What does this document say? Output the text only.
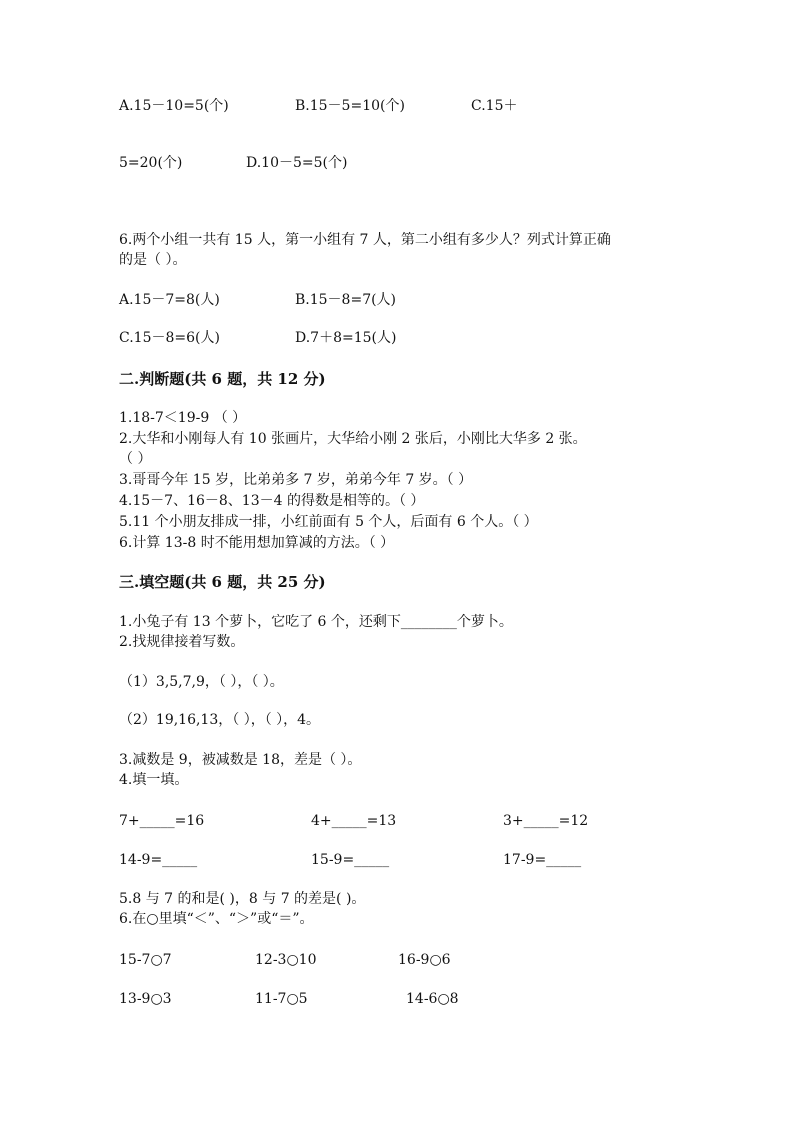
A.15－10=5(个)	B.15－5=10(个)	C.15＋
5=20(个)	D.10－5=5(个)
6.两个小组一共有 15 人，第一小组有 7 人，第二小组有多少人？列式计算正确
的是（ ）。
A.15－7=8(人)	B.15－8=7(人)
C.15－8=6(人)	D.7＋8=15(人)
二.判断题(共 6 题，共 12 分)
1.18-7＜19-9 （ ）
2.大华和小刚每人有 10 张画片，大华给小刚 2 张后，小刚比大华多 2 张。
（ ）
3.哥哥今年 15 岁，比弟弟多 7 岁，弟弟今年 7 岁。（ ）
4.15－7、16－8、13－4 的得数是相等的。（ ）
5.11 个小朋友排成一排，小红前面有 5 个人，后面有 6 个人。（ ）
6.计算 13-8 时不能用想加算减的方法。（ ）
三.填空题(共 6 题，共 25 分)
1.小兔子有 13 个萝卜，它吃了 6 个，还剩下________个萝卜。
2.找规律接着写数。
（1）3,5,7,9，（ ），（ ）。
（2）19,16,13，（ ），（ ），4。
3.减数是 9，被减数是 18，差是（ ）。
4.填一填。
7+_____=16	4+_____=13	3+_____=12
14-9=_____	15-9=_____	17-9=_____
5.8 与 7 的和是( )，8 与 7 的差是( )。
6.在○里填“＜”、“＞”或“＝”。
15-7○7	12-3○10	16-9○6
13-9○3	11-7○5	14-6○8
